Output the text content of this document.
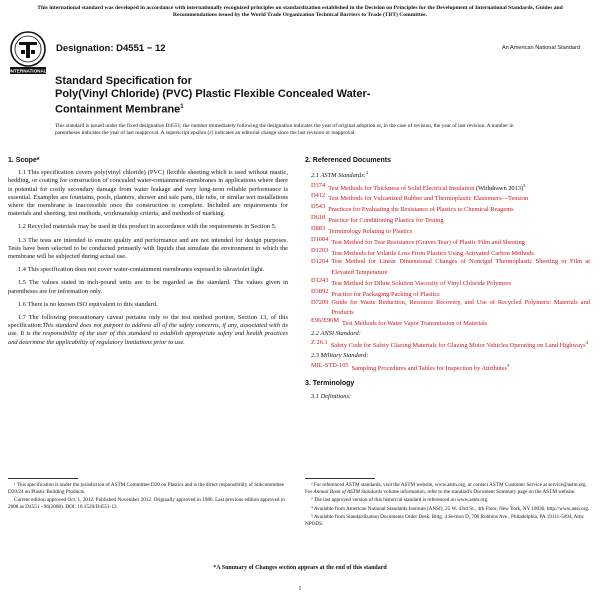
This international standard was developed in accordance with internationally recognized principles on standardization established in the Decision on Principles for the Development of International Standards, Guides and Recommendations issued by the World Trade Organization Technical Barriers to Trade (TBT) Committee.
INTERNATIONAL
Designation: D4551 − 12	An American National Standard
Standard Specification for
Poly(Vinyl Chloride) (PVC) Plastic Flexible Concealed Water-
Containment Membrane$^1$
This standard is issued under the fixed designation D4551; the number immediately following the designation indicates the year of original adoption or, in the case of revision, the year of last revision. A number in parentheses indicates the year of last reapproval. A superscript epsilon (ε) indicates an editorial change since the last revision or reapproval.
1. Scope*

1.1 This specification covers poly(vinyl chloride) (PVC) flexible sheeting which is used without mastic, bedding, or coating for construction of concealed water-containment-membranes in applications where there is potential for costly secondary damage from water leakage and very long-term reliable performance is essential. Examples are fountains, pools, planters, shower and safe pans, tile tubs, or similar wet installations where the membrane is inaccessible once the construction is complete. Included are requirements for materials and sheeting, test methods, workmanship criteria, and methods of marking.

1.2 Recycled materials may be used in this product in accordance with the requirements in Section 5.

1.3 The tests are intended to ensure quality and performance and are not intended for design purposes. Tests have been selected to be conducted primarily with liquids that simulate the environment to which the membrane will be subjected during actual use.

1.4 This specification does not cover water-containment membranes exposed to ultraviolet light.

1.5 The values stated in inch-pound units are to be regarded as the standard. The values given in parentheses are for information only.

1.6 There is no known ISO equivalent to this standard.

1.7 The following precautionary caveat pertains only to the test method portion, Section 13, of this specification:This standard does not purport to address all of the safety concerns, if any, associated with its use. It is the responsibility of the user of this standard to establish appropriate safety and health practices and determine the applicability of regulatory limitations prior to use.

2. Referenced Documents
2.1 ASTM Standards:$^2$
D374 Test Methods for Thickness of Solid Electrical Insulation (Withdrawn 2013)$^3$
D412 Test Methods for Vulcanized Rubber and Thermoplastic Elastomers—Tension
D543 Practices for Evaluating the Resistance of Plastics to Chemical Reagents
D618 Practice for Conditioning Plastics for Testing
D883 Terminology Relating to Plastics
D1004 Test Method for Tear Resistance (Graves Tear) of Plastic Film and Sheeting
D1203 Test Methods for Volatile Loss From Plastics Using Activated Carbon Methods
D1204 Test Method for Linear Dimensional Changes of Nonrigid Thermoplastic Sheeting or Film at Elevated Temperature
D1243 Test Method for Dilute Solution Viscosity of Vinyl Chloride Polymers
D3892 Practice for Packaging/Packing of Plastics
D7209 Guide for Waste Reduction, Resource Recovery, and Use of Recycled Polymeric Materials and Products
E96/E96M Test Methods for Water Vapor Transmission of Materials
2.2 ANSI Standard:
Z 26.1 Safety Code for Safety Glazing Materials for Glazing Motor Vehicles Operating on Land Highways$^4$
2.3 Military Standard:
MIL-STD-105 Sampling Procedures and Tables for Inspection by Attributes$^5$
3. Terminology
3.1 Definitions:

¹ This specification is under the jurisdiction of ASTM Committee D20 on Plastics and is the direct responsibility of Subcommittee D20.24 on Plastic Building Products.

Current edition approved Oct. 1, 2012. Published November 2012. Originally approved in 1986. Last previous edition approved in 2008 as D4551 - 96(2008). DOI: 10.1520/D4551-12.

² For referenced ASTM standards, visit the ASTM website, www.astm.org, or contact ASTM Customer Service at service@astm.org. For Annual Book of ASTM Standards volume information, refer to the standard's Document Summary page on the ASTM website.

³ The last approved version of this historical standard is referenced on www.astm.org.

⁴ Available from American National Standards Institute (ANSI), 25 W. 43rd St., 4th Floor, New York, NY 10036, http://www.ansi.org.

⁵ Available from Standardization Documents Order Desk, Bldg. 4 Section D, 700 Robbins Ave., Philadelphia, PA 19111-5094, Attn: NPODS.

*A Summary of Changes section appears at the end of this standard
1
